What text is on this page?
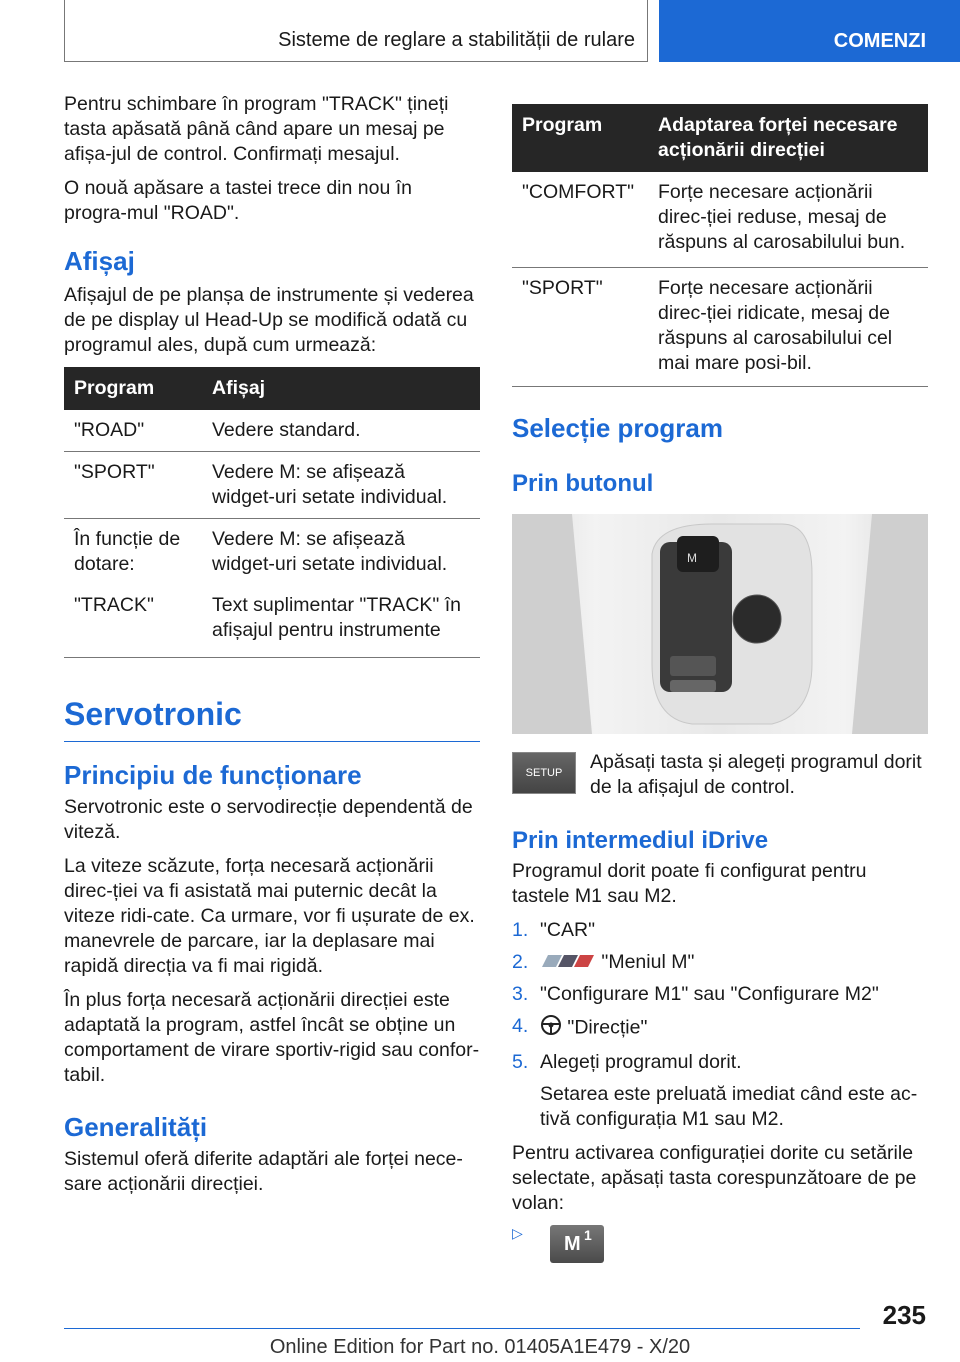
Sisteme de reglare a stabilității de rulare	COMENZI

Pentru schimbare în program "TRACK" țineți tasta apăsată până când apare un mesaj pe afișa-jul de control. Confirmați mesajul.

O nouă apăsare a tastei trece din nou în progra-mul "ROAD".

Afișaj

Afișajul de pe planșa de instrumente și vederea de pe display ul Head-Up se modifică odată cu programul ales, după cum urmează:

Program	Afișaj
"ROAD"	Vedere standard.
"SPORT"	Vedere M: se afișează widget-uri setate individual.
În funcție de dotare:	Vedere M: se afișează widget-uri setate individual.
"TRACK"	Text suplimentar "TRACK" în afișajul pentru instrumente
Servotronic
Principiu de funcționare

Servotronic este o servodirecție dependentă de viteză.

La viteze scăzute, forța necesară acționării direc-ției va fi asistată mai puternic decât la viteze ridi-cate. Ca urmare, vor fi ușurate de ex. manevrele de parcare, iar la deplasare mai rapidă direcția va fi mai rigidă.

În plus forța necesară acționării direcției este adaptată la program, astfel încât se obține un comportament de virare sportiv-rigid sau confor-tabil.

Generalități

Sistemul oferă diferite adaptări ale forței nece-sare acționării direcției.

Program	Adaptarea forței necesare acționării direcției
"COMFORT"	Forțe necesare acționării direc-ției reduse, mesaj de răspuns al carosabilului bun.
"SPORT"	Forțe necesare acționării direc-ției ridicate, mesaj de răspuns al carosabilului cel mai mare posi-bil.
Selecție program
Prin butonul
M
SETUP	Apăsați tasta și alegeți programul dorit de la afișajul de control.

Prin intermediul iDrive

Programul dorit poate fi configurat pentru tastele M1 sau M2.

1. "CAR"
2.	"Meniul M"
3. "Configurare M1" sau "Configurare M2"
4. "Direcție"
5. Alegeți programul dorit.

Setarea este preluată imediat când este ac-tivă configurația M1 sau M2.

Pentru activarea configurației dorite cu setările selectate, apăsați tasta corespunzătoare de pe volan:

▷	M 1
235
Online Edition for Part no. 01405A1E479 - X/20
